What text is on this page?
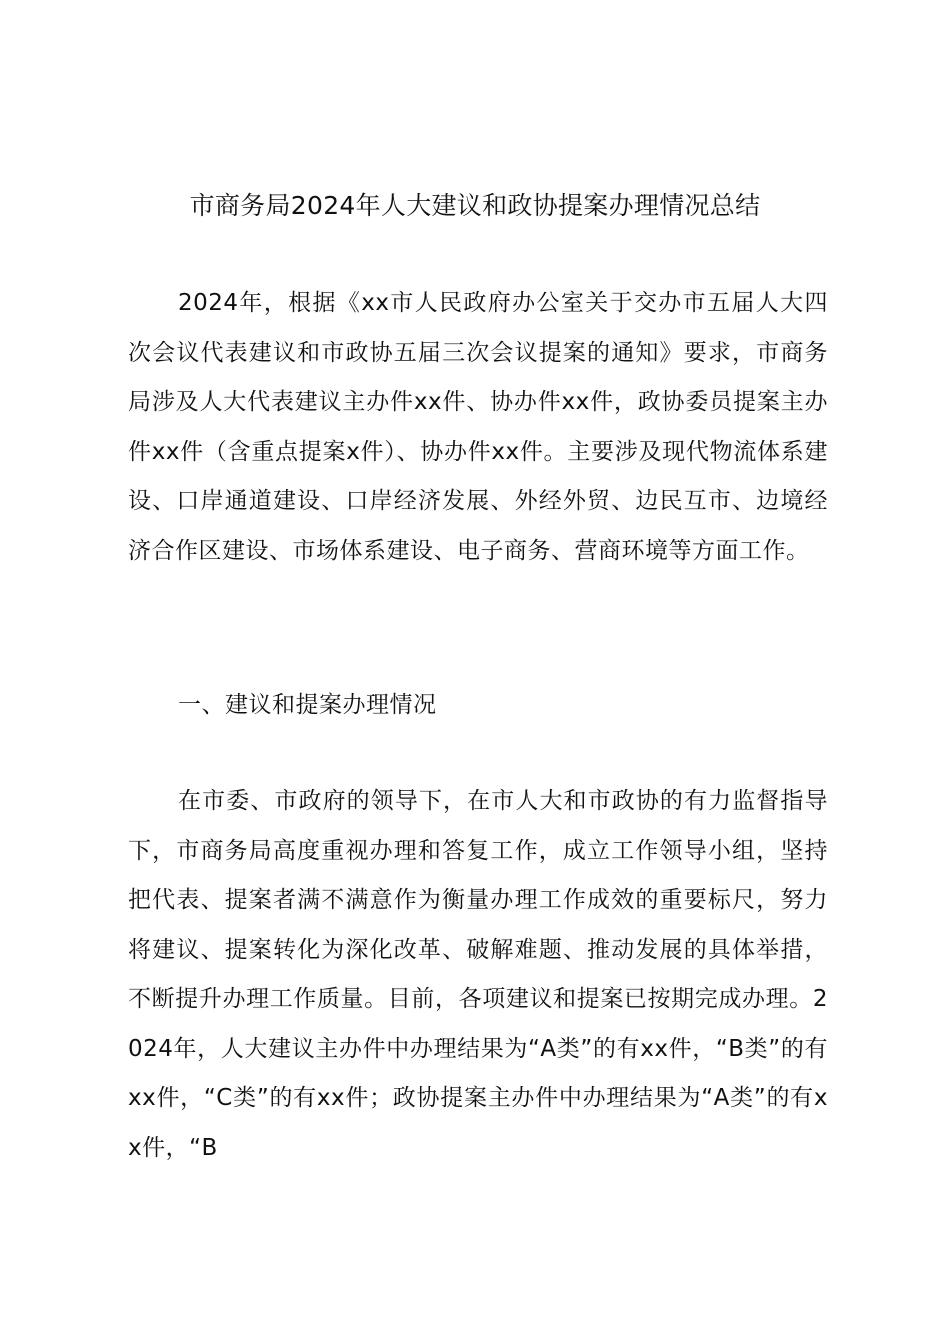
市商务局2024年人大建议和政协提案办理情况总结
2024年，根据《xx市人民政府办公室关于交办市五届人大四次会议代表建议和市政协五届三次会议提案的通知》要求，市商务局涉及人大代表建议主办件xx件、协办件xx件，政协委员提案主办件xx件（含重点提案x件）、协办件xx件。主要涉及现代物流体系建设、口岸通道建设、口岸经济发展、外经外贸、边民互市、边境经济合作区建设、市场体系建设、电子商务、营商环境等方面工作。
一、建议和提案办理情况
在市委、市政府的领导下，在市人大和市政协的有力监督指导下，市商务局高度重视办理和答复工作，成立工作领导小组，坚持把代表、提案者满不满意作为衡量办理工作成效的重要标尺，努力将建议、提案转化为深化改革、破解难题、推动发展的具体举措，不断提升办理工作质量。目前，各项建议和提案已按期完成办理。2024年，人大建议主办件中办理结果为“A类”的有xx件，“B类”的有xx件，“C类”的有xx件；政协提案主办件中办理结果为“A类”的有xx件，“B
